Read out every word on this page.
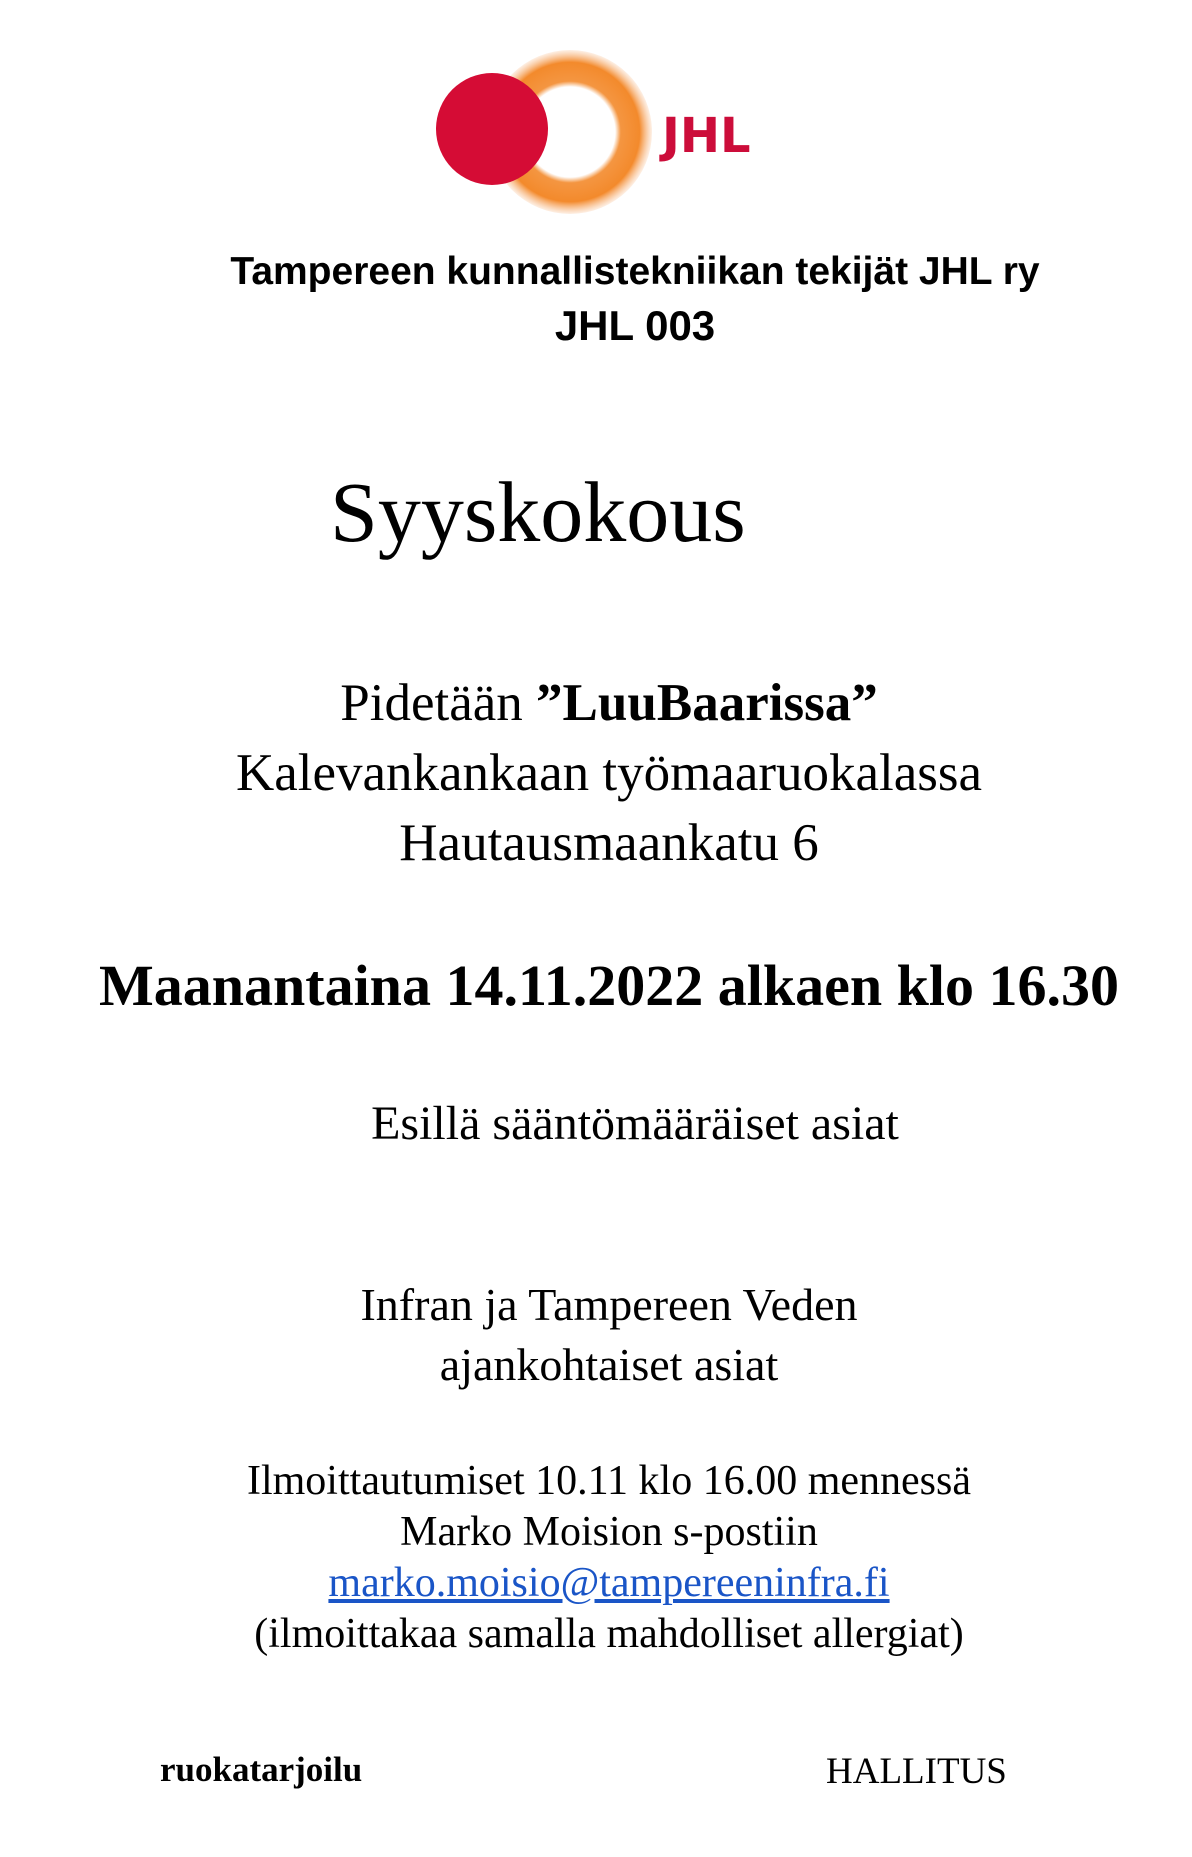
JHL
Tampereen kunnallistekniikan tekijät JHL ry
JHL 003
Syyskokous
Pidetään ”LuuBaarissa”
Kalevankankaan työmaaruokalassa
Hautausmaankatu 6
Maanantaina 14.11.2022 alkaen klo 16.30
Esillä sääntömääräiset asiat
Infran ja Tampereen Veden
ajankohtaiset asiat
Ilmoittautumiset 10.11 klo 16.00 mennessä
Marko Moision s-postiin
marko.moisio@tampereeninfra.fi
(ilmoittakaa samalla mahdolliset allergiat)
ruokatarjoilu	HALLITUS
